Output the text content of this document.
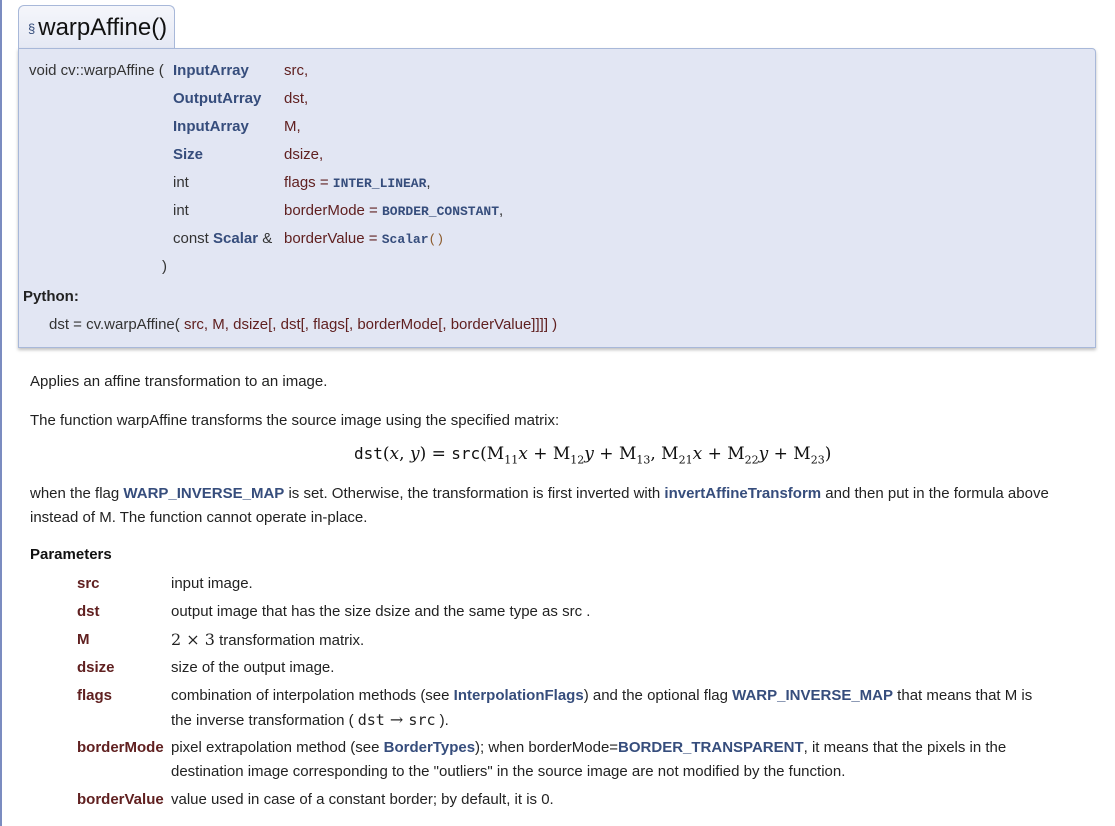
§ warpAffine()
void cv::warpAffine ( InputArray src,
OutputArray dst,
InputArray M,
Size	dsize,
int	flags = INTER_LINEAR,
int	borderMode = BORDER_CONSTANT,
const Scalar & borderValue = Scalar()
)
Python:
dst = cv.warpAffine( src, M, dsize[, dst[, flags[, borderMode[, borderValue]]]] )

Applies an affine transformation to an image.

The function warpAffine transforms the source image using the specified matrix:

dst(x, $y) = src(M_{11}x + M_{12}y + M_{13}$, $M_{21}x + M_{22}y + M_{23}$)

when the flag WARP_INVERSE_MAP is set. Otherwise, the transformation is first inverted with invertAffineTransform and then put in the formula above

instead of M. The function cannot operate in-place.

Parameters
src	input image.
dst	output image that has the size dsize and the same type as src .
M	2 × 3 transformation matrix.
dsize	size of the output image.
flags	combination of interpolation methods (see InterpolationFlags) and the optional flag WARP_INVERSE_MAP that means that M is
the inverse transformation ( dst → src ).
borderMode pixel extrapolation method (see BorderTypes); when borderMode=BORDER_TRANSPARENT, it means that the pixels in the
destination image corresponding to the "outliers" in the source image are not modified by the function.
borderValue value used in case of a constant border; by default, it is 0.
